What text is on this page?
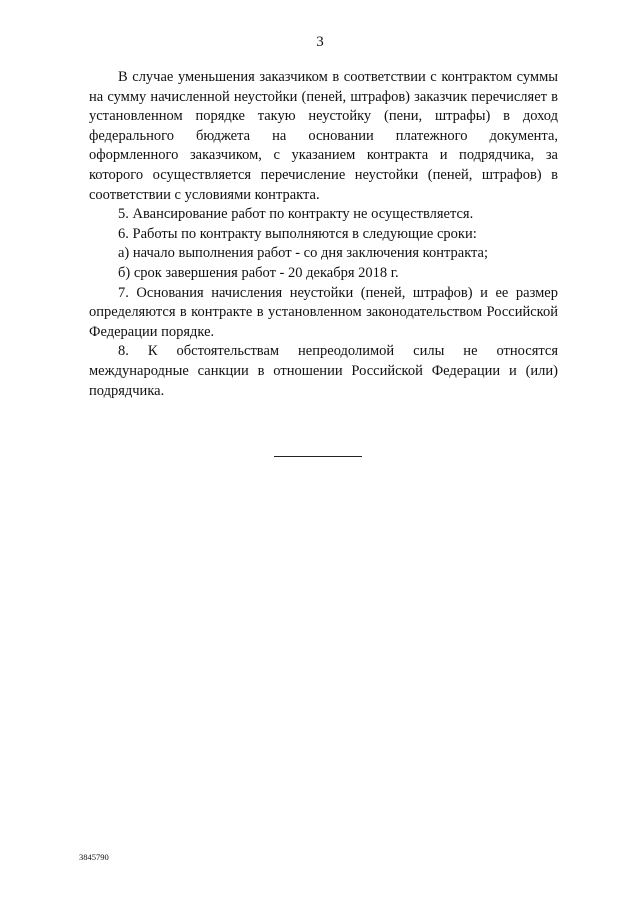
3

В случае уменьшения заказчиком в соответствии с контрактом суммы на сумму начисленной неустойки (пеней, штрафов) заказчик перечисляет в установленном порядке такую неустойку (пени, штрафы) в доход федерального бюджета на основании платежного документа, оформленного заказчиком, с указанием контракта и подрядчика, за которого осуществляется перечисление неустойки (пеней, штрафов) в соответствии с условиями контракта.

5. Авансирование работ по контракту не осуществляется.

6. Работы по контракту выполняются в следующие сроки:

а) начало выполнения работ - со дня заключения контракта;

б) срок завершения работ - 20 декабря 2018 г.

7. Основания начисления неустойки (пеней, штрафов) и ее размер определяются в контракте в установленном законодательством Российской Федерации порядке.

8. К обстоятельствам непреодолимой силы не относятся международные санкции в отношении Российской Федерации и (или) подрядчика.

3845790
